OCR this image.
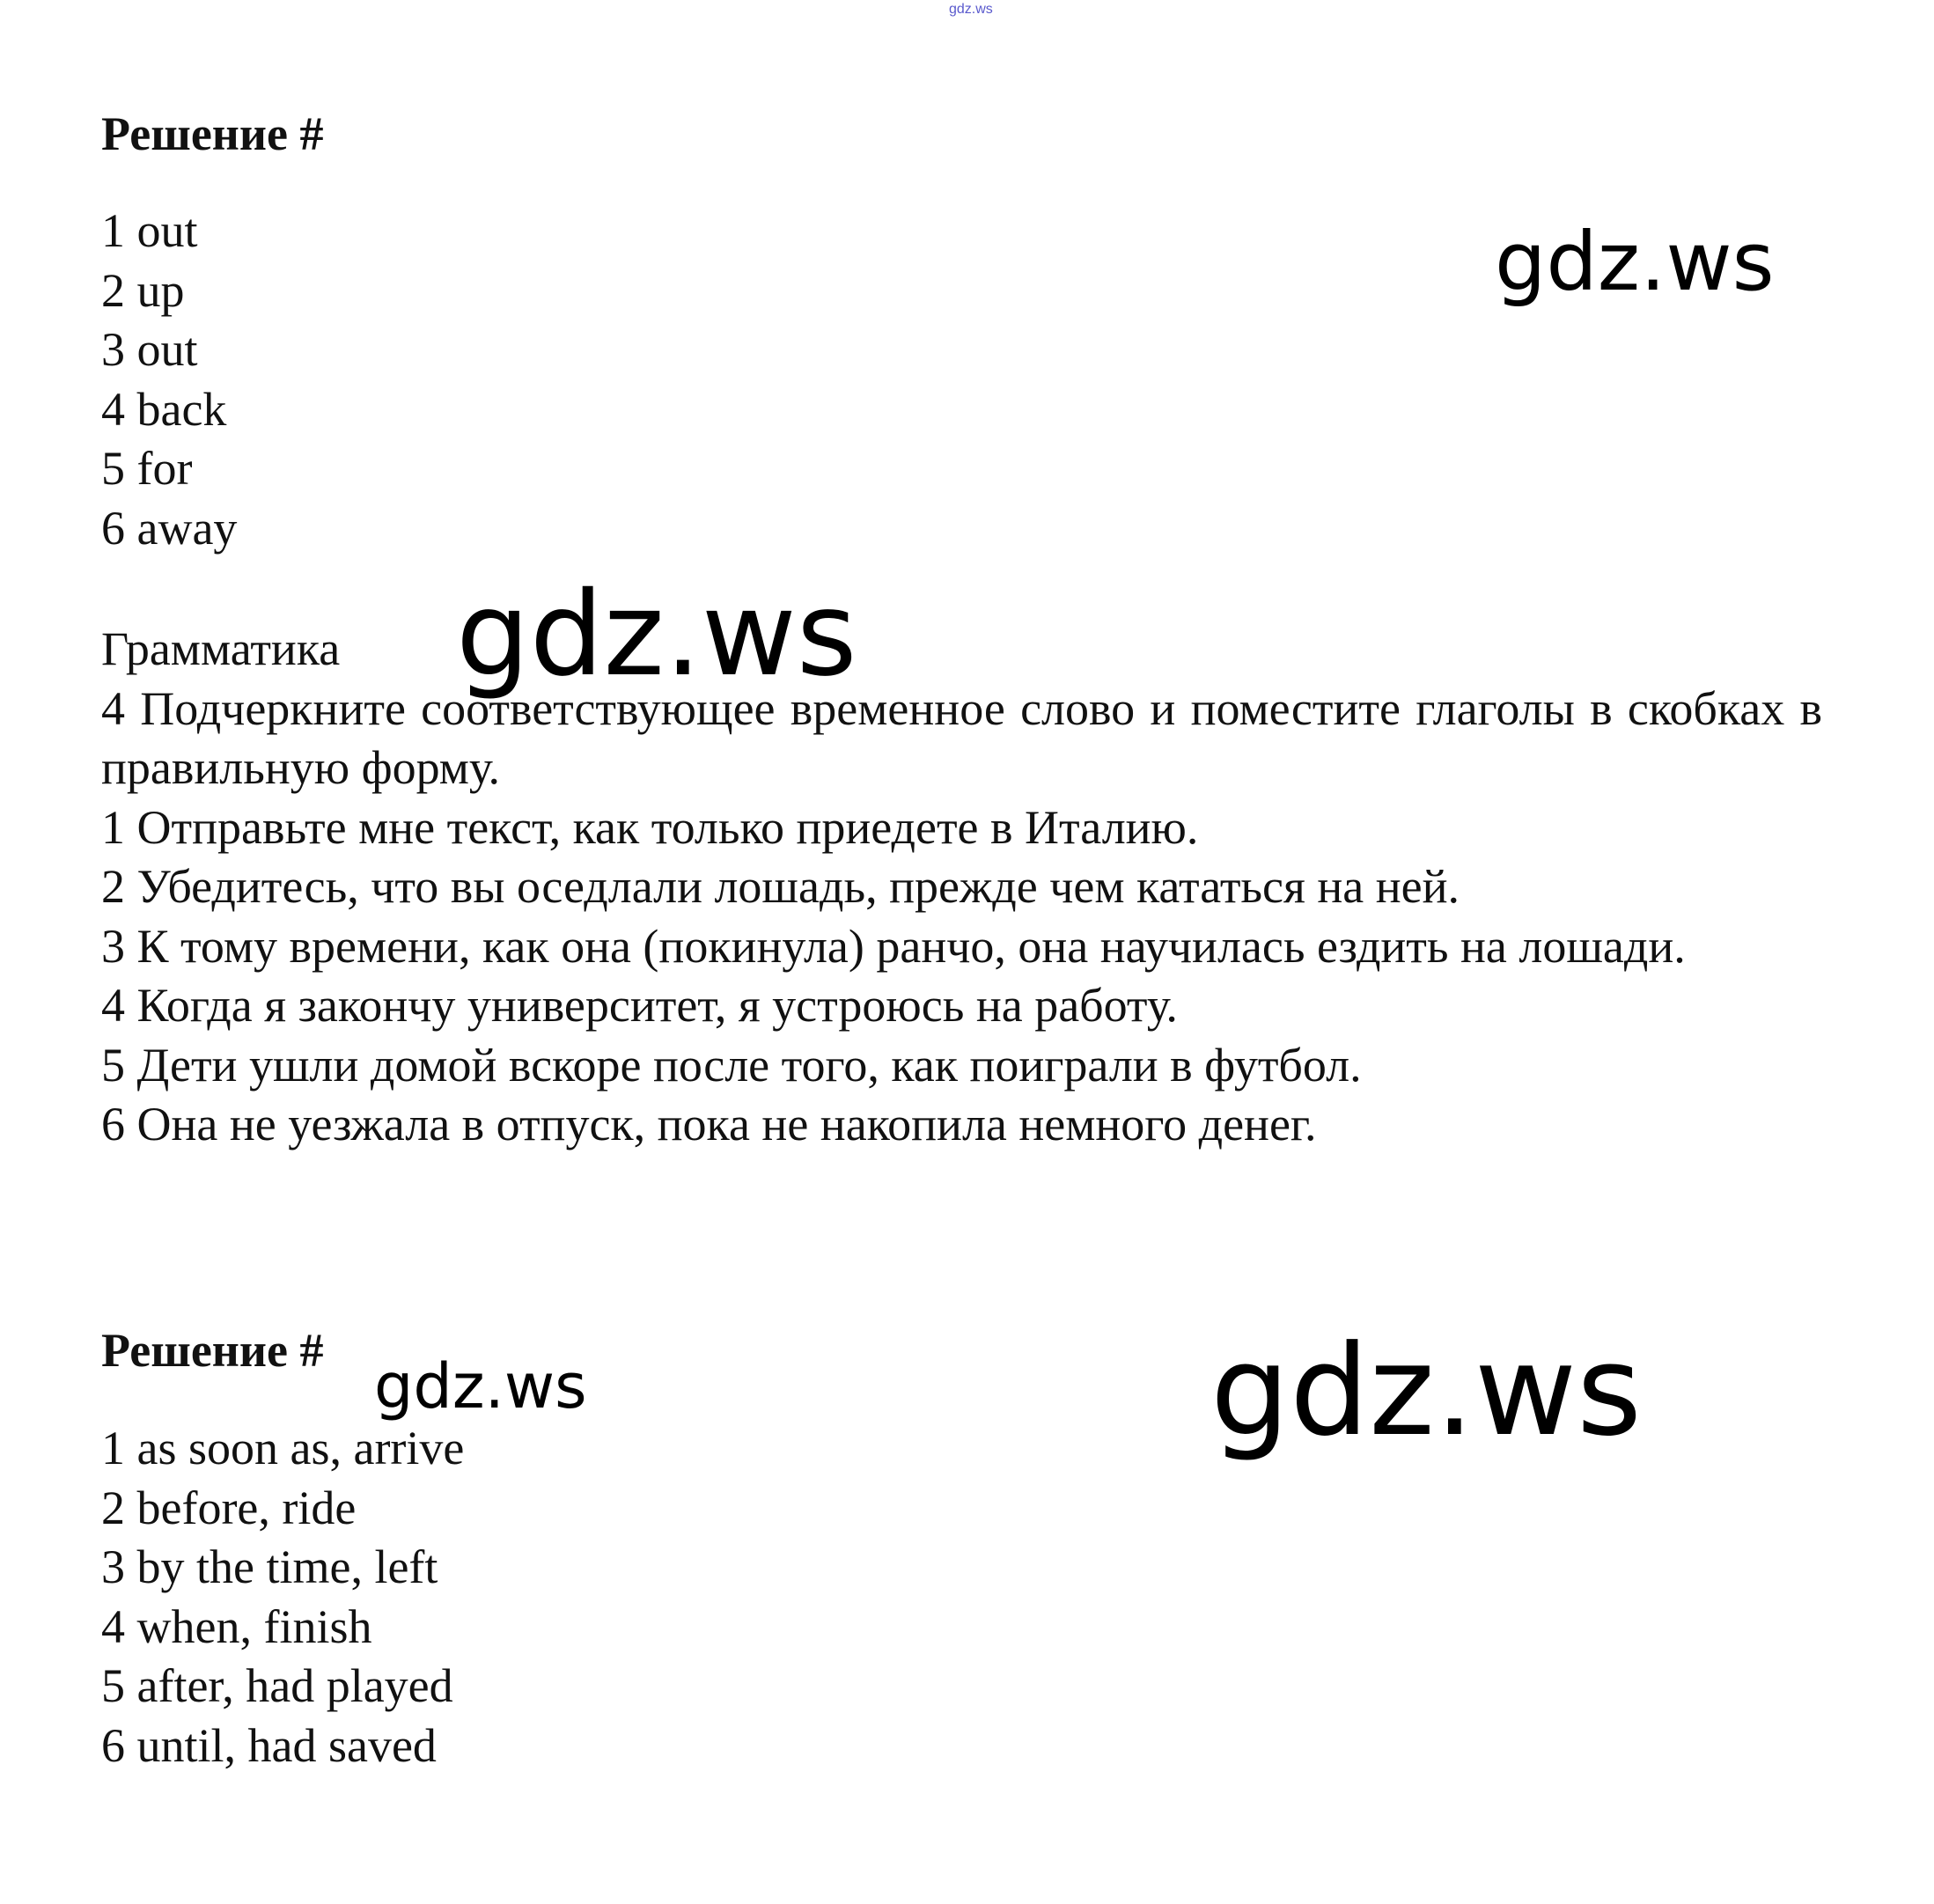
gdz.ws
Решение #
1 out
2 up
3 out
4 back
5 for
6 away

Грамматика

4 Подчеркните соответствующее временное слово и поместите глаголы в скобках в правильную форму.

1 Отправьте мне текст, как только приедете в Италию.

2 Убедитесь, что вы оседлали лошадь, прежде чем кататься на ней.

3 К тому времени, как она (покинула) ранчо, она научилась ездить на лошади.

4 Когда я закончу университет, я устроюсь на работу.

5 Дети ушли домой вскоре после того, как поиграли в футбол.

6 Она не уезжала в отпуск, пока не накопила немного денег.

Решение #
1 as soon as, arrive
2 before, ride
3 by the time, left
4 when, finish
5 after, had played
6 until, had saved
gdz.ws
gdz.ws
gdz.ws	gdz.ws
